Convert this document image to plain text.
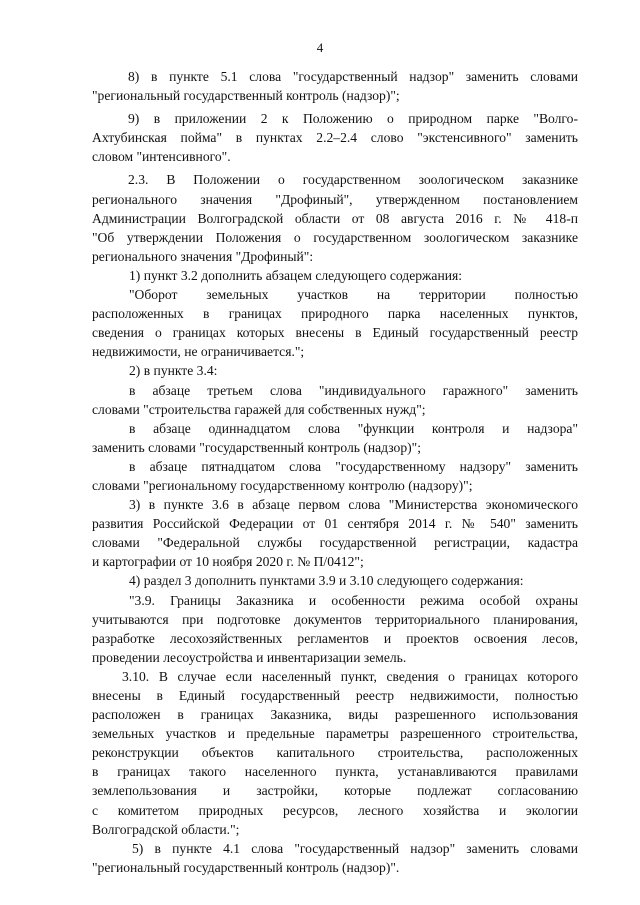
4
8) в пункте 5.1 слова "государственный надзор" заменить словами
"региональный государственный контроль (надзор)";
9) в приложении 2 к Положению о природном парке "Волго-
Ахтубинская пойма" в пунктах 2.2–2.4 слово "экстенсивного" заменить
словом "интенсивного".
2.3. В Положении о государственном зоологическом заказнике
регионального значения "Дрофиный", утвержденном постановлением
Администрации Волгоградской области от 08 августа 2016 г. № 418-п
"Об утверждении Положения о государственном зоологическом заказнике
регионального значения "Дрофиный":
1) пункт 3.2 дополнить абзацем следующего содержания:
"Оборот земельных участков на территории полностью
расположенных в границах природного парка населенных пунктов,
сведения о границах которых внесены в Единый государственный реестр
недвижимости, не ограничивается.";
2) в пункте 3.4:
в абзаце третьем слова "индивидуального гаражного" заменить
словами "строительства гаражей для собственных нужд";
в абзаце одиннадцатом слова "функции контроля и надзора"
заменить словами "государственный контроль (надзор)";
в абзаце пятнадцатом слова "государственному надзору" заменить
словами "региональному государственному контролю (надзору)";
3) в пункте 3.6 в абзаце первом слова "Министерства экономического
развития Российской Федерации от 01 сентября 2014 г. № 540" заменить
словами "Федеральной службы государственной регистрации, кадастра
и картографии от 10 ноября 2020 г. № П/0412";
4) раздел 3 дополнить пунктами 3.9 и 3.10 следующего содержания:
"3.9. Границы Заказника и особенности режима особой охраны
учитываются при подготовке документов территориального планирования,
разработке лесохозяйственных регламентов и проектов освоения лесов,
проведении лесоустройства и инвентаризации земель.
3.10. В случае если населенный пункт, сведения о границах которого
внесены в Единый государственный реестр недвижимости, полностью
расположен в границах Заказника, виды разрешенного использования
земельных участков и предельные параметры разрешенного строительства,
реконструкции объектов капитального строительства, расположенных
в границах такого населенного пункта, устанавливаются правилами
землепользования и застройки, которые подлежат согласованию
с комитетом природных ресурсов, лесного хозяйства и экологии
Волгоградской области.";
5) в пункте 4.1 слова "государственный надзор" заменить словами
"региональный государственный контроль (надзор)".
